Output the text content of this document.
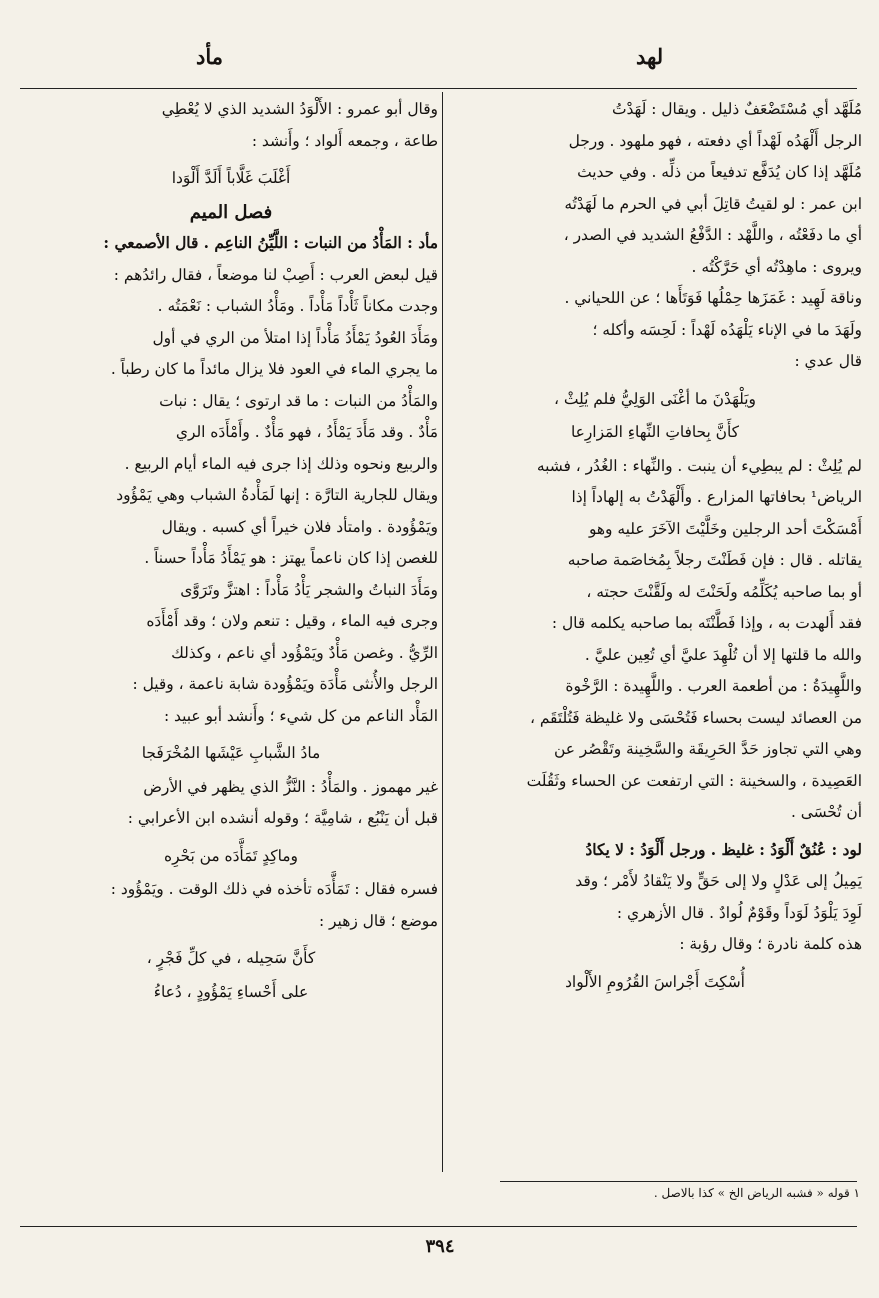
لهد
مأد

مُلَهَّد أي مُسْتَضْعَفٌ ذليل . ويقال : لَهَدْتُ

الرجل أَلْهَدُه لَهْداً أي دفعته ، فهو ملهود . ورجل

مُلَهَّد إذا كان يُدَفَّع تدفيعاً من ذلِّه . وفي حديث

ابن عمر : لو لقيتُ قاتِلَ أبي في الحرم ما لَهَدْتُه

أي ما دفَعْتُه ، واللَّهْد : الدَّفْعُ الشديد في الصدر ،

ويروى : ماهِدْتُه أي حَرَّكْتُه .

وناقة لَهِيد : غَمَزَها حِمْلُها فَوَتَأَها ؛ عن اللحياني .

ولَهَدَ ما في الإناء يَلْهَدُه لَهْداً : لَحِسَه وأكله ؛

قال عدي :

ويَلْهَدْنَ ما أغْنَى الوَلِيُّ فلم يُلِثْ ،

كأَنَّ بِحافاتِ النِّهاءِ المَزارِعا

لم يُلِثْ : لم يبطِيء أن ينبت . والنِّهاء : الغُدُر ، فشبه

الرياض¹ بحافاتها المزارع . وأَلْهَدْتُ به إلهاداً إذا

أَمْسَكْتَ أحد الرجلين وخَلَّيْتَ الآخَرَ عليه وهو

يقاتله . قال : فإن فَطَنْتَ رجلاً بِمُخاصَمة صاحبه

أو بما صاحبه يُكَلِّمُه ولَحَنْتَ له ولَقَّنْتَ حجته ،

فقد أَلهدت به ، وإذا فَطَّنْتَه بما صاحبه يكلمه قال :

والله ما قلتها إلا أن تُلْهِدَ عليَّ أي تُعِين عليَّ .

واللَّهِيدَةُ : من أطعمة العرب . واللَّهِيدة : الرَّخْوة

من العصائد ليست بحساء فَتُحْسَى ولا غليظة فَتُلْتَقَم ،

وهي التي تجاوز حَدَّ الحَرِيقَة والسَّخِينة وتَقْصُر عن

العَصِيدة ، والسخينة : التي ارتفعت عن الحساء وثَقُلَت

أن تُحْسَى .

لود : عُنُقٌ أَلْوَدُ : غليظ . ورجل أَلْوَدُ : لا يكادُ

يَمِيلُ إلى عَدْلٍ ولا إلى حَقٍّ ولا يَنْقادُ لأَمْر ؛ وقد

لَوِدَ يَلْوَدُ لَوَداً وقَوْمٌ لُوادٌ . قال الأزهري :

هذه كلمة نادرة ؛ وقال رؤبة :

أُسْكِتَ أَجْراسَ القُرُومِ الأَلْواد

وقال أبو عمرو : الأَلْوَدُ الشديد الذي لا يُعْطِي

طاعة ، وجمعه أَلواد ؛ وأَنشد :

أَغْلَبَ غَلَّاباً أَلَدَّ أَلْوَدا

فصل الميم

مأد : المَأْدُ من النبات : اللَّيِّنُ الناعِم . قال الأصمعي :

قيل لبعض العرب : أَصِبْ لنا موضعاً ، فقال رائدُهم :

وجدت مكاناً ثَأْداً مَأْداً . ومَأْدُ الشباب : نَعْمَتُه .

ومَأَدَ العُودُ يَمْأَدُ مَأْداً إذا امتلأ من الري في أول

ما يجري الماء في العود فلا يزال مائداً ما كان رطباً .

والمَأْدُ من النبات : ما قد ارتوى ؛ يقال : نبات

مَأْدٌ . وقد مَأَدَ يَمْأَدُ ، فهو مَأْدٌ . وأَمْأَدَه الري

والربيع ونحوه وذلك إذا جرى فيه الماء أيام الربيع .

ويقال للجارية التارَّة : إنها لَمَأْدةُ الشباب وهي يَمْؤُود

ويَمْؤُودة . وامتأد فلان خيراً أي كسبه . ويقال

للغصن إذا كان ناعماً يهتز : هو يَمْأَدُ مَأْداً حسناً .

ومَأَدَ النباتُ والشجر يَأْدُ مَأْداً : اهتزَّ وتَرَوَّى

وجرى فيه الماء ، وقيل : تنعم ولان ؛ وقد أَمْأَدَه

الرِّيُّ . وغصن مَأْدٌ ويَمْؤُود أي ناعم ، وكذلك

الرجل والأُنثى مَأْدَة ويَمْؤُودة شابة ناعمة ، وقيل :

المَأْد الناعم من كل شيء ؛ وأَنشد أبو عبيد :

مادُ الشَّبابِ عَيْشَها المُخْرَفَجا

غير مهموز . والمَأْدُ : النَّزُّ الذي يظهر في الأرض

قبل أن يَنْبُع ، شامِيَّة ؛ وقوله أنشده ابن الأعرابي :

وماكِدٍ تَمَأَّدَه من بَحْرِه

فسره فقال : تَمَأَّدَه تأخذه في ذلك الوقت . ويَمْؤُود :

موضع ؛ قال زهير :

كأَنَّ سَحِيله ، في كلِّ فَجْرٍ ،

على أَحْساءِ يَمْؤُودٍ ، دُعاءُ

١ قوله « فشبه الرياض الخ » كذا بالاصل .
٣٩٤
